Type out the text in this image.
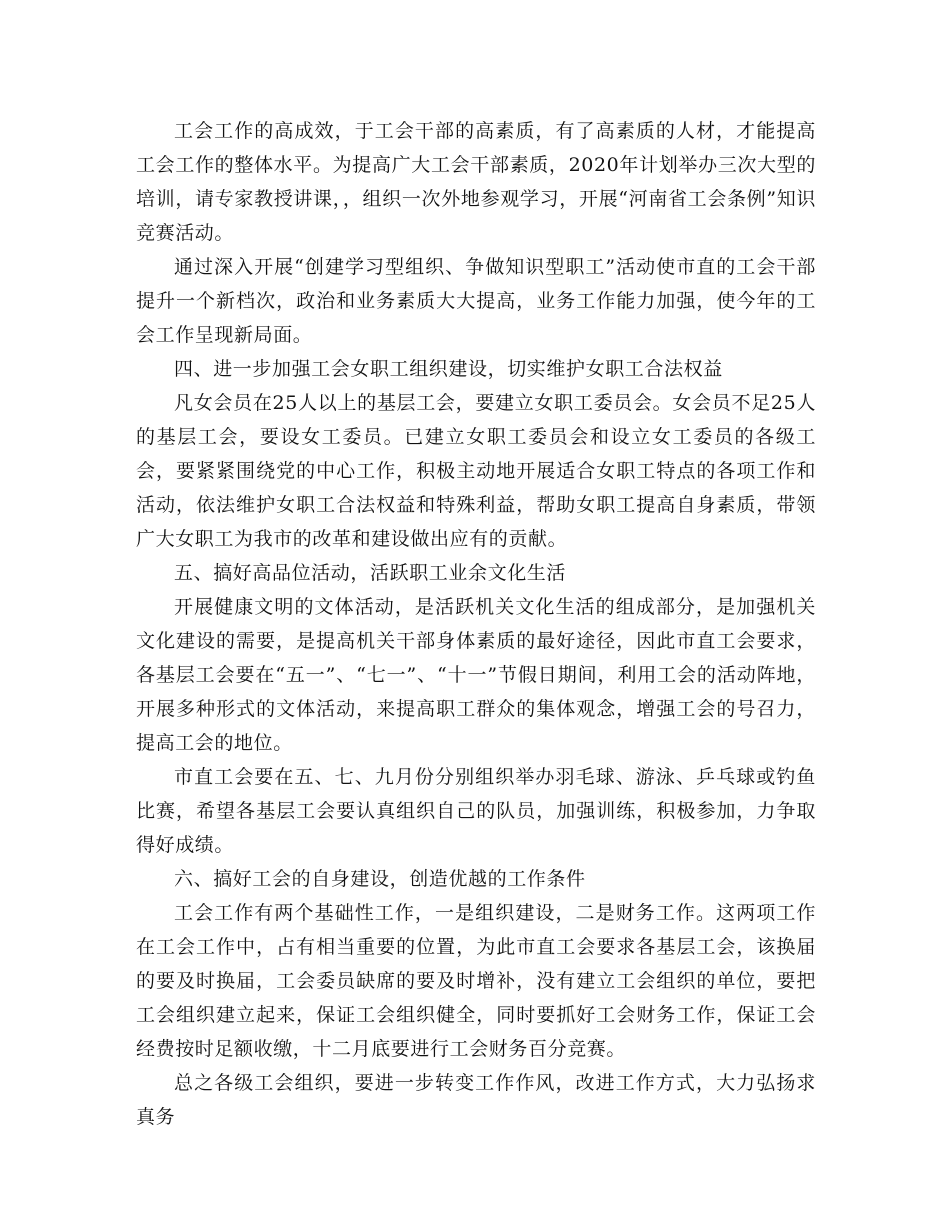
工会工作的高成效，于工会干部的高素质，有了高素质的人材，才能提高工会工作的整体水平。为提高广大工会干部素质，2020年计划举办三次大型的培训，请专家教授讲课，，组织一次外地参观学习，开展“河南省工会条例”知识竞赛活动。

通过深入开展“创建学习型组织、争做知识型职工”活动使市直的工会干部提升一个新档次，政治和业务素质大大提高，业务工作能力加强，使今年的工会工作呈现新局面。

四、进一步加强工会女职工组织建设，切实维护女职工合法权益

凡女会员在25人以上的基层工会，要建立女职工委员会。女会员不足25人的基层工会，要设女工委员。已建立女职工委员会和设立女工委员的各级工会，要紧紧围绕党的中心工作，积极主动地开展适合女职工特点的各项工作和活动，依法维护女职工合法权益和特殊利益，帮助女职工提高自身素质，带领广大女职工为我市的改革和建设做出应有的贡献。

五、搞好高品位活动，活跃职工业余文化生活

开展健康文明的文体活动，是活跃机关文化生活的组成部分，是加强机关文化建设的需要，是提高机关干部身体素质的最好途径，因此市直工会要求，各基层工会要在“五一”、“七一”、“十一”节假日期间，利用工会的活动阵地，开展多种形式的文体活动，来提高职工群众的集体观念，增强工会的号召力，提高工会的地位。

市直工会要在五、七、九月份分别组织举办羽毛球、游泳、乒乓球或钓鱼比赛，希望各基层工会要认真组织自己的队员，加强训练，积极参加，力争取得好成绩。

六、搞好工会的自身建设，创造优越的工作条件

工会工作有两个基础性工作，一是组织建设，二是财务工作。这两项工作在工会工作中，占有相当重要的位置，为此市直工会要求各基层工会，该换届的要及时换届，工会委员缺席的要及时增补，没有建立工会组织的单位，要把工会组织建立起来，保证工会组织健全，同时要抓好工会财务工作，保证工会经费按时足额收缴，十二月底要进行工会财务百分竞赛。

总之各级工会组织，要进一步转变工作作风，改进工作方式，大力弘扬求真务
